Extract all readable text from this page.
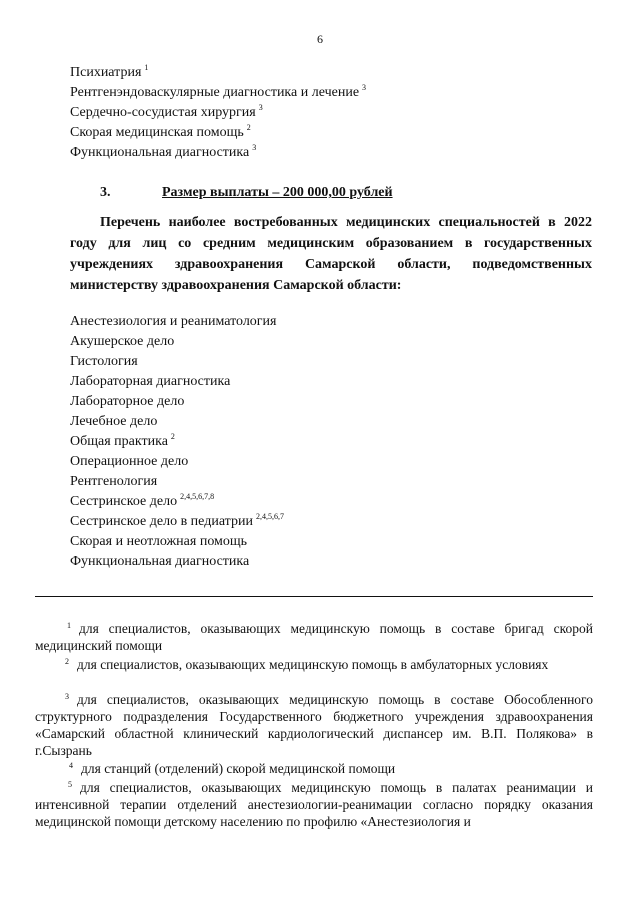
6
Психиатрия $^1$
Рентгенэндоваскулярные диагностика и лечение $^3$
Сердечно-сосудистая хирургия $^3$
Скорая медицинская помощь $^2$
Функциональная диагностика $^3$
3.	Размер выплаты – 200 000,00 рублей

Перечень наиболее востребованных медицинских специальностей в 2022 году для лиц со средним медицинским образованием в государственных учреждениях здравоохранения Самарской области, подведомственных министерству здравоохранения Самарской области:

Анестезиология и реаниматология
Акушерское дело
Гистология
Лабораторная диагностика
Лабораторное дело
Лечебное дело
Общая практика $^2$
Операционное дело
Рентгенология
Сестринское дело $^{2,4,5,6,7,8}$
Сестринское дело в педиатрии $^{2,4,5,6,7}$
Скорая и неотложная помощь
Функциональная диагностика

$^1$ для специалистов, оказывающих медицинскую помощь в составе бригад скорой медицинский помощи

$^2$ для специалистов, оказывающих медицинскую помощь в амбулаторных условиях

$^3$ для специалистов, оказывающих медицинскую помощь в составе Обособленного структурного подразделения Государственного бюджетного учреждения здравоохранения «Самарский областной клинический кардиологический диспансер им. В.П. Полякова» в г.Сызрань

$^4$ для станций (отделений) скорой медицинской помощи

$^5$ для специалистов, оказывающих медицинскую помощь в палатах реанимации и интенсивной терапии отделений анестезиологии-реанимации согласно порядку оказания медицинской помощи детскому населению по профилю «Анестезиология и
